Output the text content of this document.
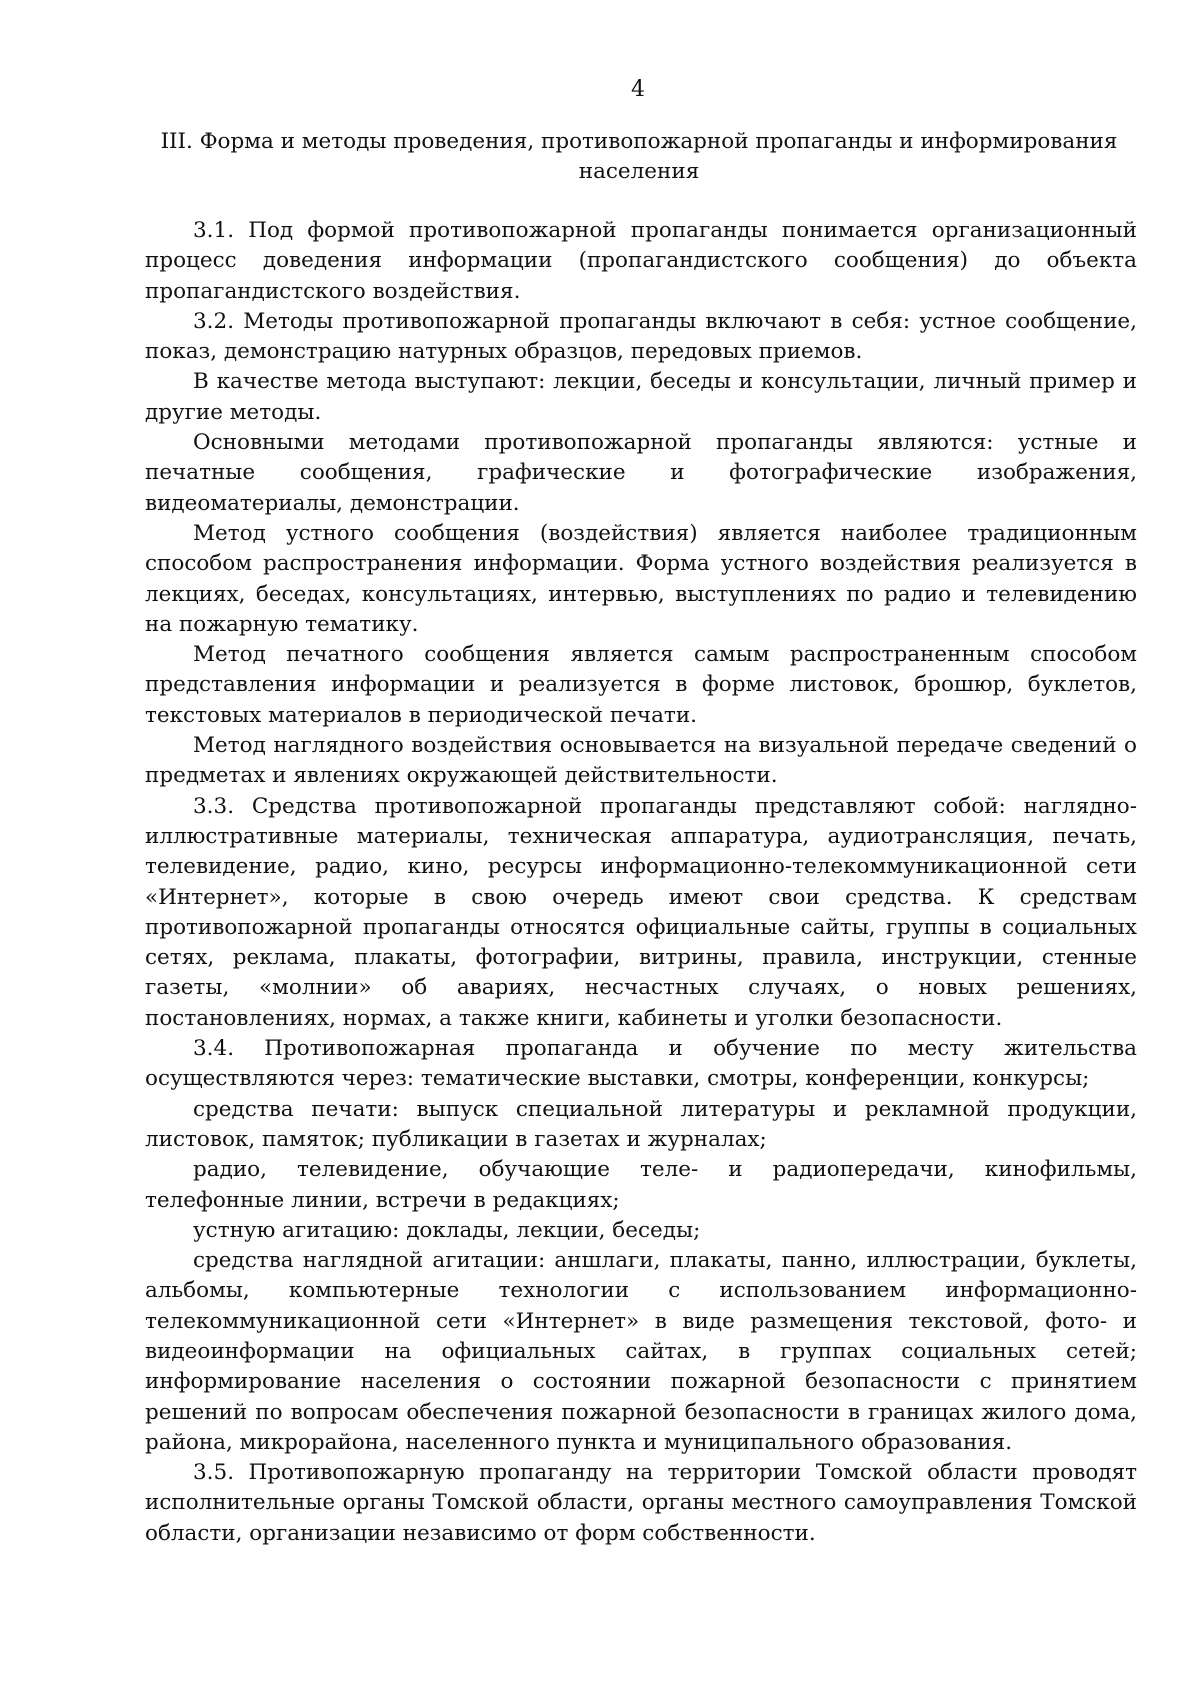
4
III. Форма и методы проведения, противопожарной пропаганды и информирования
населения

3.1. Под формой противопожарной пропаганды понимается организационный процесс доведения информации (пропагандистского сообщения) до объекта пропагандистского воздействия.

3.2. Методы противопожарной пропаганды включают в себя: устное сообщение, показ, демонстрацию натурных образцов, передовых приемов.

В качестве метода выступают: лекции, беседы и консультации, личный пример и другие методы.

Основными методами противопожарной пропаганды являются: устные и печатные сообщения, графические и фотографические изображения, видеоматериалы, демонстрации.

Метод устного сообщения (воздействия) является наиболее традиционным способом распространения информации. Форма устного воздействия реализуется в лекциях, беседах, консультациях, интервью, выступлениях по радио и телевидению на пожарную тематику.

Метод печатного сообщения является самым распространенным способом представления информации и реализуется в форме листовок, брошюр, буклетов, текстовых материалов в периодической печати.

Метод наглядного воздействия основывается на визуальной передаче сведений о предметах и явлениях окружающей действительности.

3.3. Средства противопожарной пропаганды представляют собой: наглядно-иллюстративные материалы, техническая аппаратура, аудиотрансляция, печать, телевидение, радио, кино, ресурсы информационно-телекоммуникационной сети «Интернет», которые в свою очередь имеют свои средства. К средствам противопожарной пропаганды относятся официальные сайты, группы в социальных сетях, реклама, плакаты, фотографии, витрины, правила, инструкции, стенные газеты, «молнии» об авариях, несчастных случаях, о новых решениях, постановлениях, нормах, а также книги, кабинеты и уголки безопасности.

3.4. Противопожарная пропаганда и обучение по месту жительства осуществляются через: тематические выставки, смотры, конференции, конкурсы;

средства печати: выпуск специальной литературы и рекламной продукции, листовок, памяток; публикации в газетах и журналах;

радио, телевидение, обучающие теле- и радиопередачи, кинофильмы, телефонные линии, встречи в редакциях;

устную агитацию: доклады, лекции, беседы;

средства наглядной агитации: аншлаги, плакаты, панно, иллюстрации, буклеты, альбомы, компьютерные технологии с использованием информационно-телекоммуникационной сети «Интернет» в виде размещения текстовой, фото- и видеоинформации на официальных сайтах, в группах социальных сетей; информирование населения о состоянии пожарной безопасности с принятием решений по вопросам обеспечения пожарной безопасности в границах жилого дома, района, микрорайона, населенного пункта и муниципального образования.

3.5. Противопожарную пропаганду на территории Томской области проводят исполнительные органы Томской области, органы местного самоуправления Томской области, организации независимо от форм собственности.
